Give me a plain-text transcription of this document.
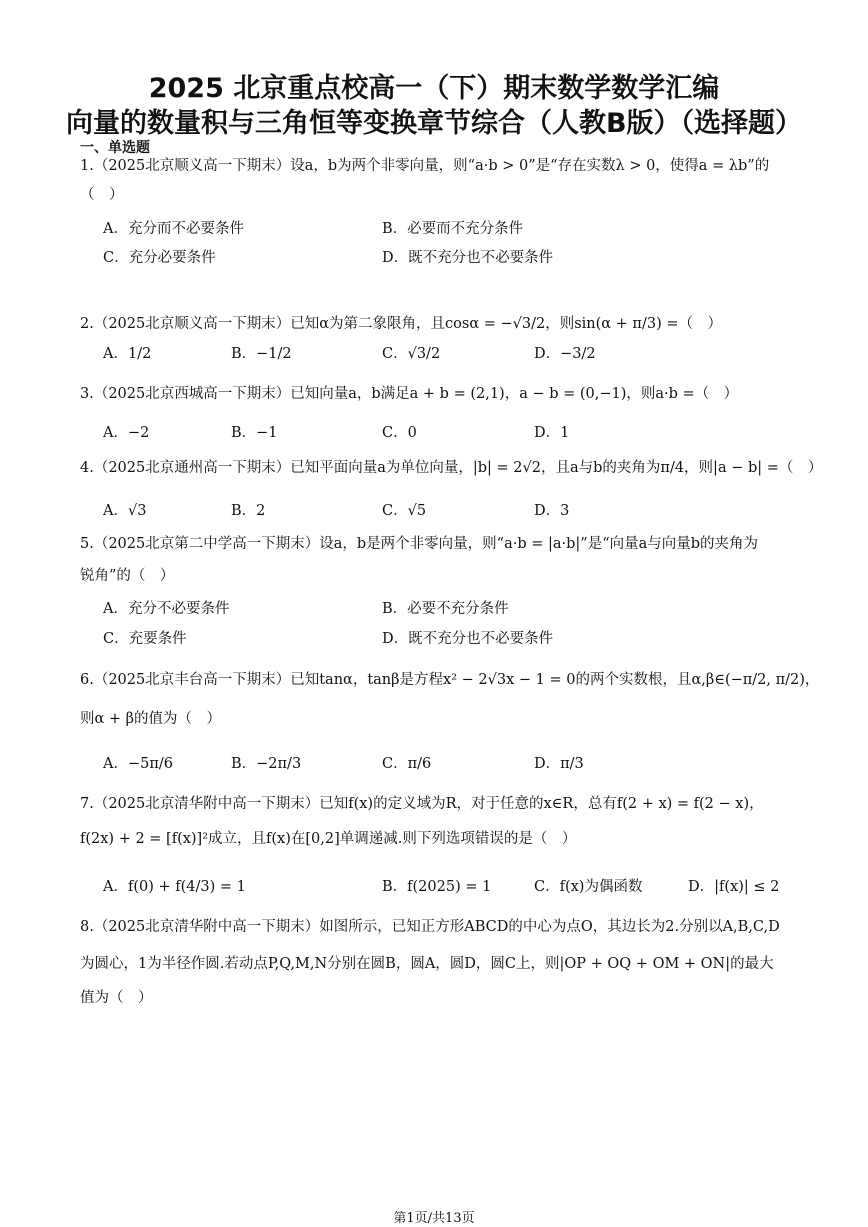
2025 北京重点校高一（下）期末数学数学汇编
向量的数量积与三角恒等变换章节综合（人教B版）（选择题）
一、单选题
1.（2025北京顺义高一下期末）设a，b为两个非零向量，则“a·b > 0”是“存在实数λ > 0，使得a = λb”的
（　）
A．充分而不必要条件	B．必要而不充分条件
C．充分必要条件	D．既不充分也不必要条件
2.（2025北京顺义高一下期末）已知α为第二象限角，且cosα = −√3/2，则sin(α + π/3) =（　）
A．1/2	B．−1/2	C．√3/2	D．−3/2
3.（2025北京西城高一下期末）已知向量a，b满足a + b = (2,1)，a − b = (0,−1)，则a·b =（　）
A．−2	B．−1	C．0	D．1
4.（2025北京通州高一下期末）已知平面向量a为单位向量，|b| = 2√2，且a与b的夹角为π/4，则|a − b| =（　）
A．√3	B．2	C．√5	D．3
5.（2025北京第二中学高一下期末）设a，b是两个非零向量，则“a·b = |a·b|”是“向量a与向量b的夹角为
锐角”的（　）
A．充分不必要条件	B．必要不充分条件
C．充要条件	D．既不充分也不必要条件
6.（2025北京丰台高一下期末）已知tanα，tanβ是方程x² − 2√3x − 1 = 0的两个实数根，且α,β∈(−π/2, π/2)，
则α + β的值为（　）
A．−5π/6	B．−2π/3	C．π/6	D．π/3
7.（2025北京清华附中高一下期末）已知f(x)的定义域为R，对于任意的x∈R，总有f(2 + x) = f(2 − x)，
f(2x) + 2 = [f(x)]²成立，且f(x)在[0,2]单调递减.则下列选项错误的是（　）
A．f(0) + f(4/3) = 1	B．f(2025) = 1	C．f(x)为偶函数	D．|f(x)| ≤ 2
8.（2025北京清华附中高一下期末）如图所示，已知正方形ABCD的中心为点O，其边长为2.分别以A,B,C,D
为圆心，1为半径作圆.若动点P,Q,M,N分别在圆B，圆A，圆D，圆C上，则|OP + OQ + OM + ON|的最大
值为（　）
第1页/共13页
